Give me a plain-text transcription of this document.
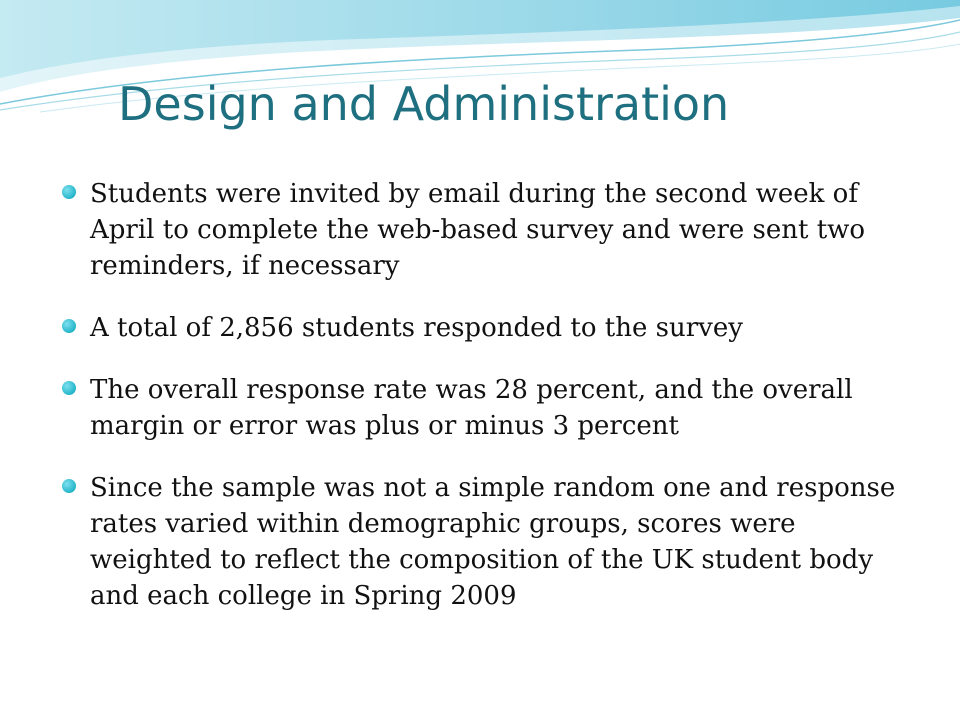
Design and Administration
Students were invited by email during the second week of April to complete the web-based survey and were sent two reminders, if necessary
A total of 2,856 students responded to the survey
The overall response rate was 28 percent, and the overall margin or error was plus or minus 3 percent
Since the sample was not a simple random one and response rates varied within demographic groups, scores were weighted to reflect the composition of the UK student body and each college in Spring 2009
